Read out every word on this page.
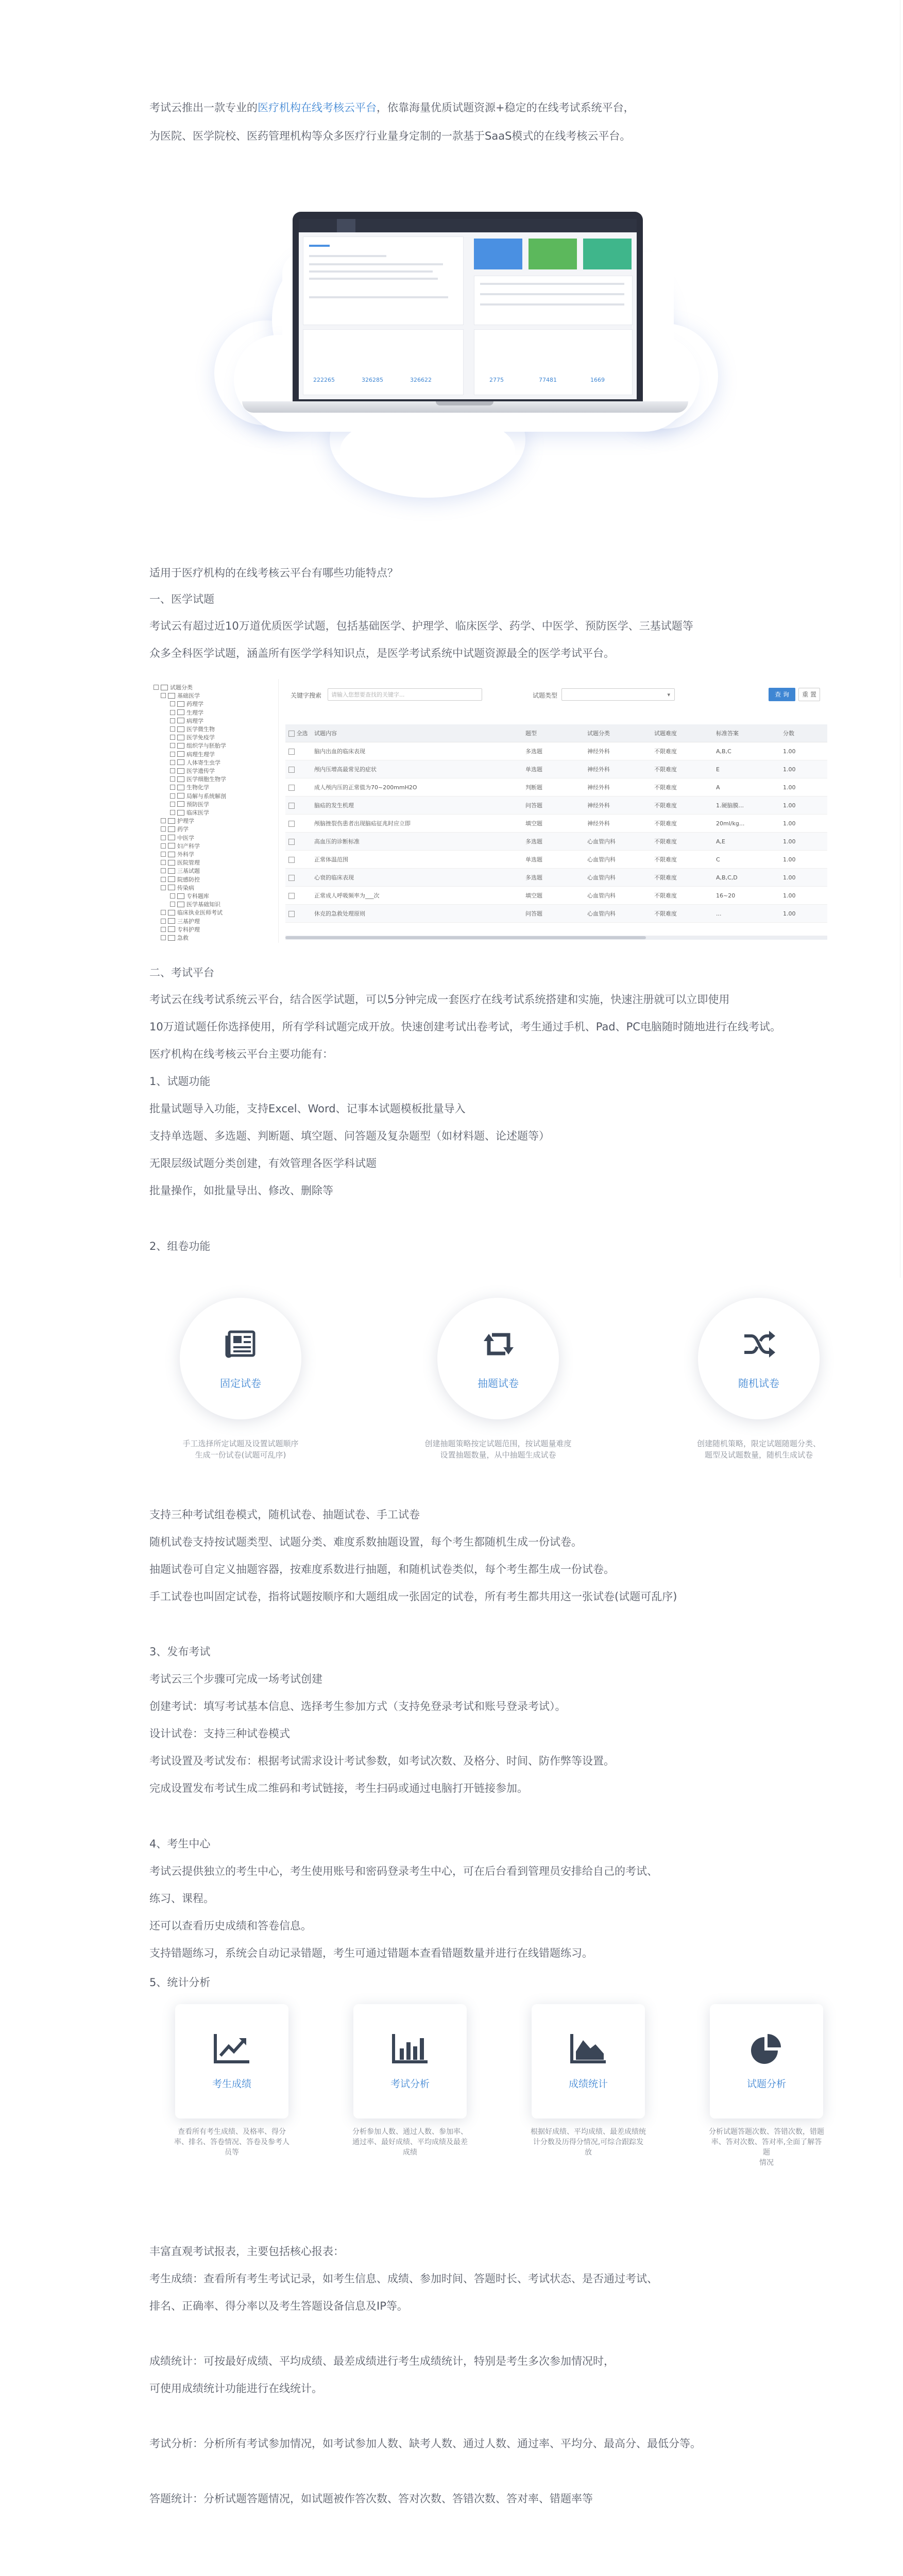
考试云推出一款专业的医疗机构在线考核云平台，依靠海量优质试题资源+稳定的在线考试系统平台，
为医院、医学院校、医药管理机构等众多医疗行业量身定制的一款基于SaaS模式的在线考核云平台。
222265	326285	326622	2775	77481	1669
适用于医疗机构的在线考核云平台有哪些功能特点？
一、医学试题
考试云有超过近10万道优质医学试题，包括基础医学、护理学、临床医学、药学、中医学、预防医学、三基试题等
众多全科医学试题，涵盖所有医学学科知识点，是医学考试系统中试题资源最全的医学考试平台。
试题分类
基础医学
药理学
生理学
病理学
医学微生物
医学免疫学
组织学与胚胎学
病理生理学
人体寄生虫学
医学遗传学
医学细胞生物学
生物化学
局解与系统解剖
预防医学
临床医学
护理学
药学
中医学
妇产科学
外科学
医院管理
三基试题
院感防控
传染病
专科题库
医学基础知识
临床执业医师考试
三基护理
专科护理
急救
关键字搜索	请输入您想要查找的关键字...	试题类型	▾	查 询	重 置
全选	试题内容	题型	试题分类	试题难度	标准答案	分数
	脑内出血的临床表现	多选题	神经外科	不限难度	A,B,C	1.00
	颅内压增高最常见的症状	单选题	神经外科	不限难度	E	1.00
	成人颅内压的正常值为70~200mmH2O	判断题	神经外科	不限难度	A	1.00
	脑疝的发生机理	问答题	神经外科	不限难度	1.硬脑膜...	1.00
	颅脑挫裂伤患者出现脑疝征兆时应立即	填空题	神经外科	不限难度	20ml/kg...	1.00
	高血压的诊断标准	多选题	心血管内科	不限难度	A,E	1.00
	正常体温范围	单选题	心血管内科	不限难度	C	1.00
	心衰的临床表现	多选题	心血管内科	不限难度	A,B,C,D	1.00
	正常成人呼吸频率为___次	填空题	心血管内科	不限难度	16~20	1.00
	休克的急救处理原则	问答题	心血管内科	不限难度	...	1.00
二、考试平台
考试云在线考试系统云平台，结合医学试题，可以5分钟完成一套医疗在线考试系统搭建和实施，快速注册就可以立即使用
10万道试题任你选择使用，所有学科试题完成开放。快速创建考试出卷考试，考生通过手机、Pad、PC电脑随时随地进行在线考试。
医疗机构在线考核云平台主要功能有：
1、试题功能
批量试题导入功能，支持Excel、Word、记事本试题模板批量导入
支持单选题、多选题、判断题、填空题、问答题及复杂题型（如材料题、论述题等）
无限层级试题分类创建，有效管理各医学科试题
批量操作，如批量导出、修改、删除等
2、组卷功能
固定试卷
手工选择所定试题及设置试题顺序
生成一份试卷(试题可乱序)
抽题试卷
创建抽题策略按定试题范围，按试题量难度
设置抽题数量，从中抽题生成试卷
随机试卷
创建随机策略，限定试题随题分类、
题型及试题数量，随机生成试卷
支持三种考试组卷模式，随机试卷、抽题试卷、手工试卷
随机试卷支持按试题类型、试题分类、难度系数抽题设置，每个考生都随机生成一份试卷。
抽题试卷可自定义抽题容器，按难度系数进行抽题，和随机试卷类似，每个考生都生成一份试卷。
手工试卷也叫固定试卷，指将试题按顺序和大题组成一张固定的试卷，所有考生都共用这一张试卷(试题可乱序)
3、发布考试
考试云三个步骤可完成一场考试创建
创建考试：填写考试基本信息、选择考生参加方式（支持免登录考试和账号登录考试）。
设计试卷：支持三种试卷模式
考试设置及考试发布：根据考试需求设计考试参数，如考试次数、及格分、时间、防作弊等设置。
完成设置发布考试生成二维码和考试链接，考生扫码或通过电脑打开链接参加。
4、考生中心
考试云提供独立的考生中心，考生使用账号和密码登录考生中心，可在后台看到管理员安排给自己的考试、
练习、课程。
还可以查看历史成绩和答卷信息。
支持错题练习，系统会自动记录错题，考生可通过错题本查看错题数量并进行在线错题练习。
5、统计分析
考生成绩
查看所有考生成绩、及格率、得分
率、排名、答卷情况、答卷及参考人
员等
考试分析
分析参加人数、通过人数、参加率、
通过率、最好成绩、平均成绩及最差
成绩
成绩统计
根据好成绩、平均成绩、最差成绩统
计分数及历得分情况,可综合跟踪发放
试题分析
分析试题答题次数、答错次数，错题
率、答对次数、答对率,全面了解答题
情况
丰富直观考试报表，主要包括核心报表：
考生成绩：查看所有考生考试记录，如考生信息、成绩、参加时间、答题时长、考试状态、是否通过考试、
排名、正确率、得分率以及考生答题设备信息及IP等。
成绩统计：可按最好成绩、平均成绩、最差成绩进行考生成绩统计，特别是考生多次参加情况时，
可使用成绩统计功能进行在线统计。
考试分析：分析所有考试参加情况，如考试参加人数、缺考人数、通过人数、通过率、平均分、最高分、最低分等。
答题统计：分析试题答题情况，如试题被作答次数、答对次数、答错次数、答对率、错题率等
